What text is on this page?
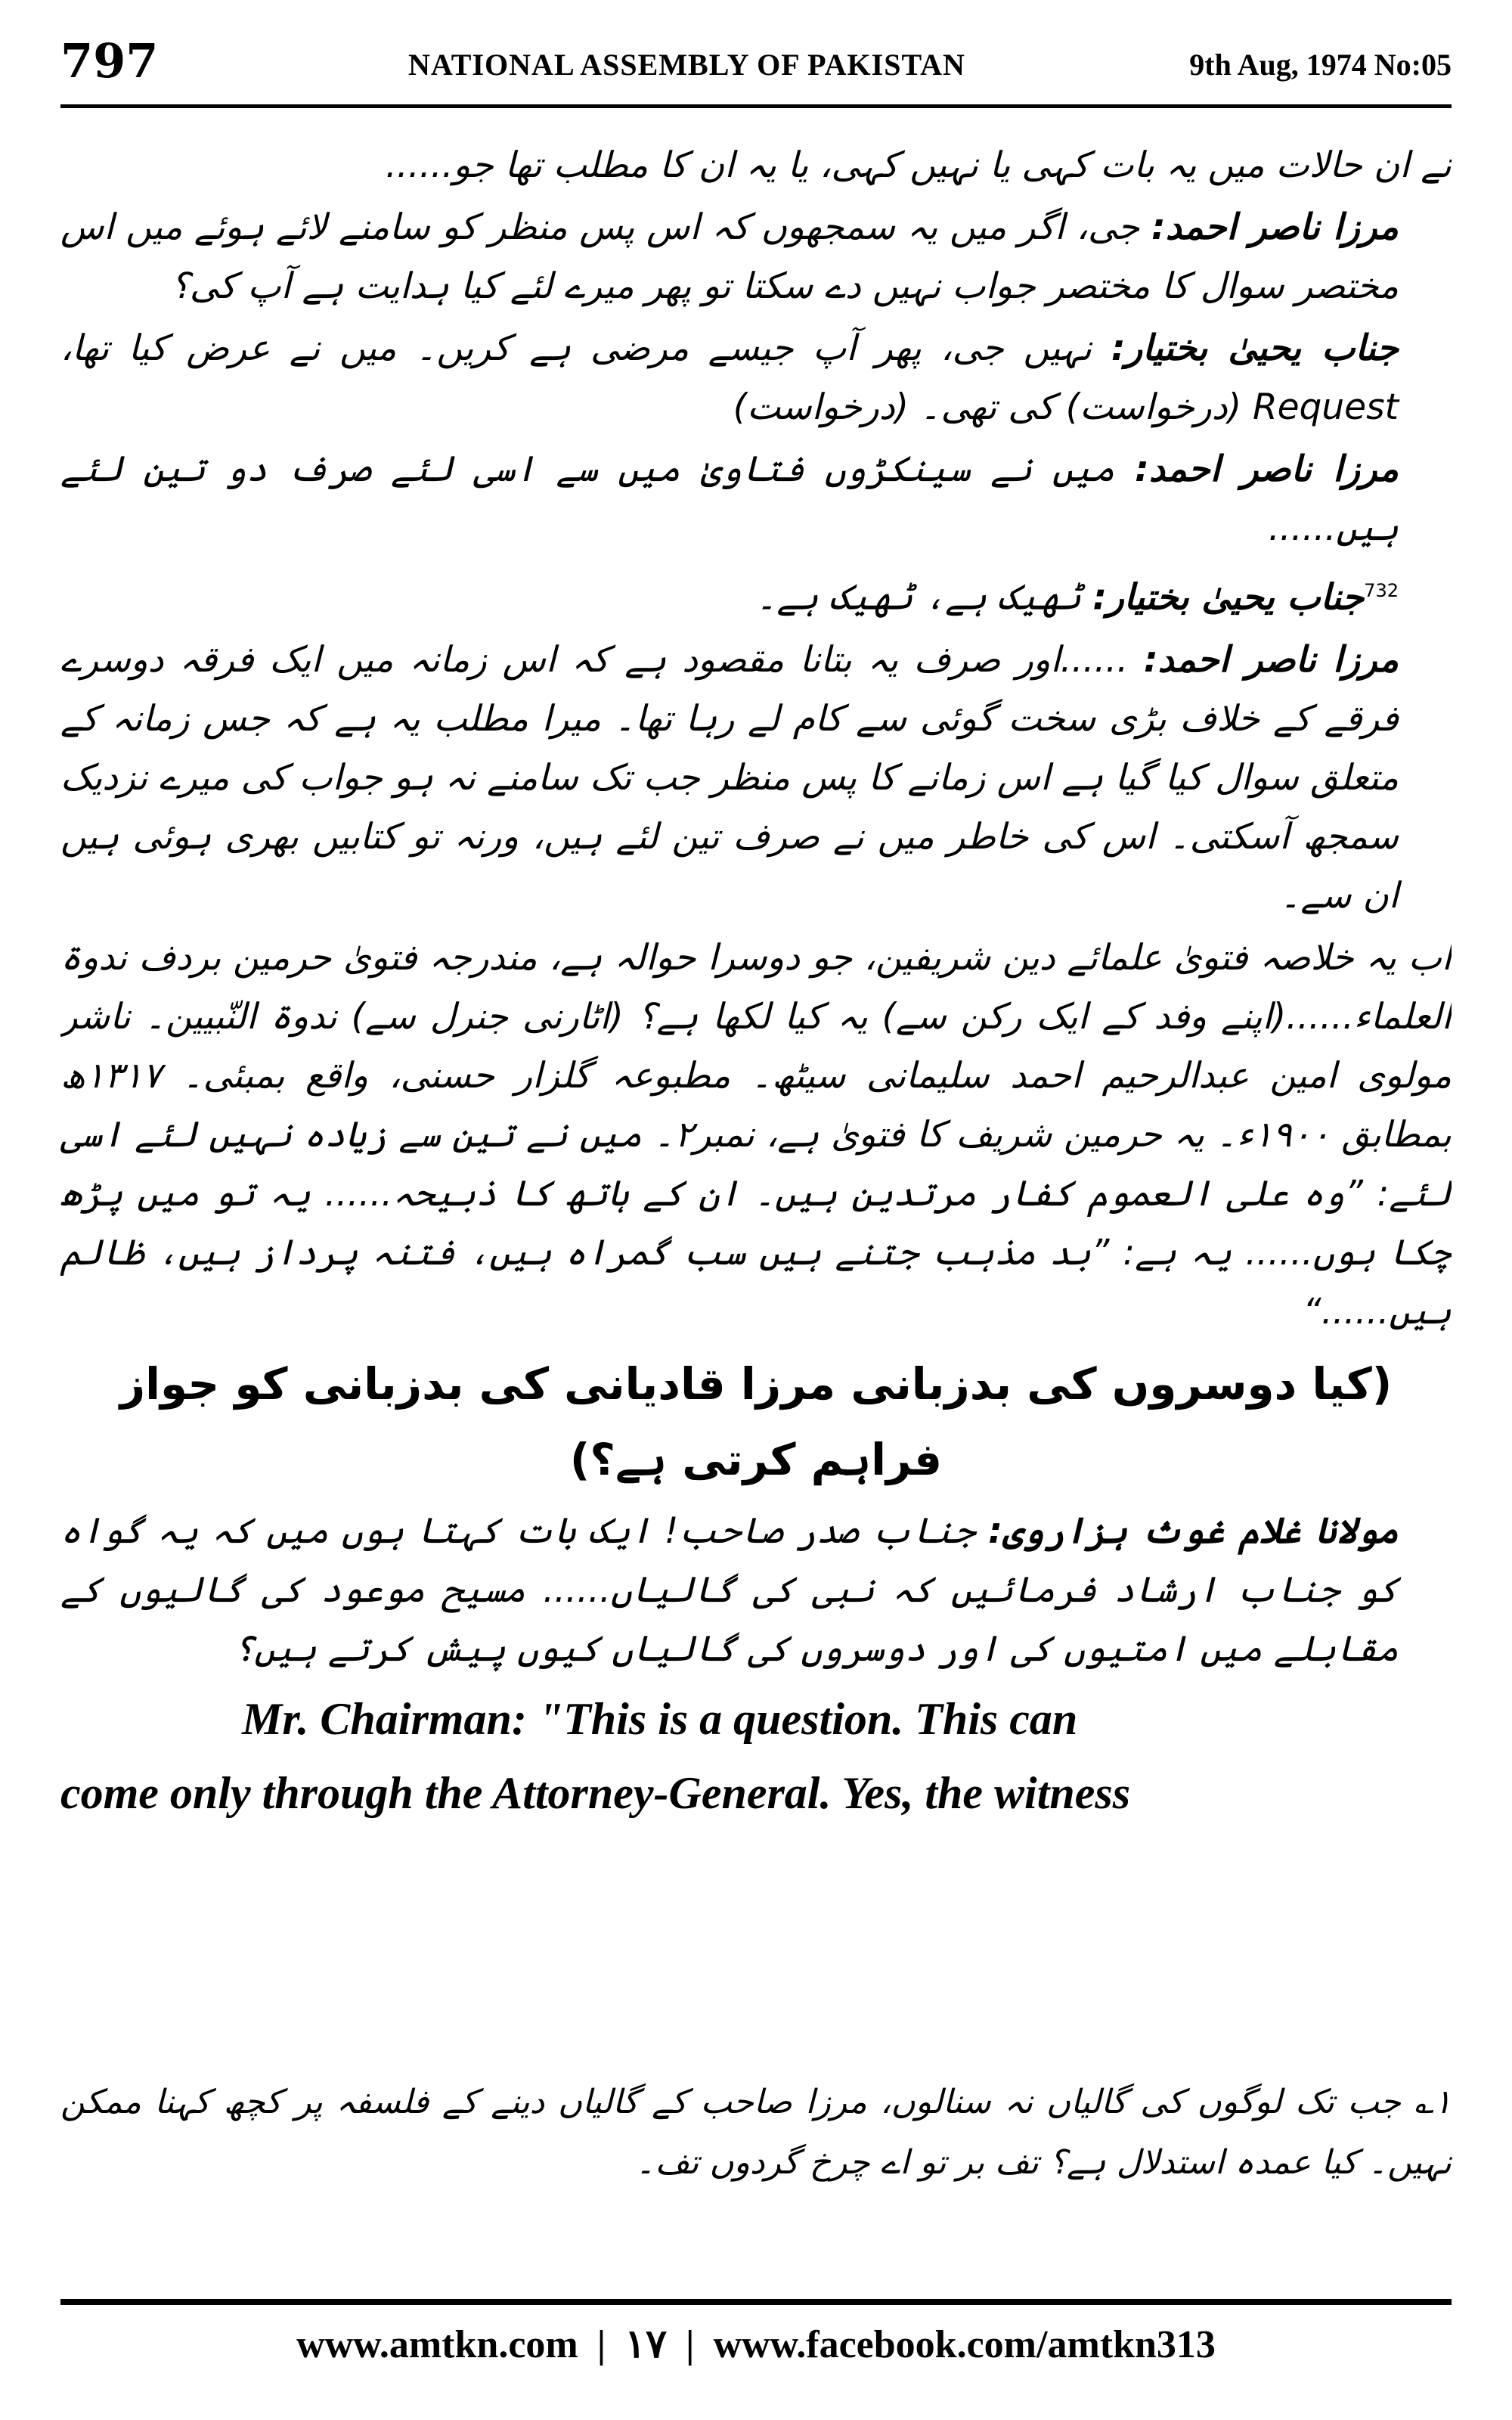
797	NATIONAL ASSEMBLY OF PAKISTAN	9th Aug, 1974 No:05

نے ان حالات میں یہ بات کہی یا نہیں کہی، یا یہ ان کا مطلب تھا جو......

مرزا ناصر احمد: جی، اگر میں یہ سمجھوں کہ اس پس منظر کو سامنے لائے ہوئے میں اس مختصر سوال کا مختصر جواب نہیں دے سکتا تو پھر میرے لئے کیا ہدایت ہے آپ کی؟

جناب یحییٰ بختیار: نہیں جی، پھر آپ جیسے مرضی ہے کریں۔ میں نے عرض کیا تھا، Request (درخواست) کی تھی۔ (درخواست)

مرزا ناصر احمد: میں نے سینکڑوں فتاویٰ میں سے اسی لئے صرف دو تین لئے ہیں......

$^{732}$جناب یحییٰ بختیار: ٹھیک ہے، ٹھیک ہے۔

مرزا ناصر احمد: ......اور صرف یہ بتانا مقصود ہے کہ اس زمانہ میں ایک فرقہ دوسرے فرقے کے خلاف بڑی سخت گوئی سے کام لے رہا تھا۔ میرا مطلب یہ ہے کہ جس زمانہ کے متعلق سوال کیا گیا ہے اس زمانے کا پس منظر جب تک سامنے نہ ہو جواب کی میرے نزدیک سمجھ آسکتی۔ اس کی خاطر میں نے صرف تین لئے ہیں، ورنہ تو کتابیں بھری ہوئی ہیں ان سے۔

اب یہ خلاصہ فتویٰ علمائے دین شریفین، جو دوسرا حوالہ ہے، مندرجہ فتویٰ حرمین بردف ندوۃ العلماء......(اپنے وفد کے ایک رکن سے) یہ کیا لکھا ہے؟ (اٹارنی جنرل سے) ندوۃ النّبیین۔ ناشر مولوی امین عبدالرحیم احمد سلیمانی سیٹھ۔ مطبوعہ گلزار حسنی، واقع بمبئی۔ ۱۳۱۷ھ بمطابق ۱۹۰۰ء۔ یہ حرمین شریف کا فتویٰ ہے، نمبر۲۔ میں نے تین سے زیادہ نہیں لئے اسی لئے: ”وہ علی العموم کفار مرتدین ہیں۔ ان کے ہاتھ کا ذبیحہ...... یہ تو میں پڑھ چکا ہوں...... یہ ہے: ”بد مذہب جتنے ہیں سب گمراہ ہیں، فتنہ پرداز ہیں، ظالم ہیں......“

(کیا دوسروں کی بدزبانی مرزا قادیانی کی بدزبانی کو جواز فراہم کرتی ہے؟)

مولانا غلام غوث ہزاروی: جناب صدر صاحب! ایک بات کہتا ہوں میں کہ یہ گواہ کو جناب ارشاد فرمائیں کہ نبی کی گالیاں...... مسیح موعود کی گالیوں کے مقابلے میں امتیوں کی اور دوسروں کی گالیاں کیوں پیش کرتے ہیں؟

Mr. Chairman: "This is a question. This can

come only through the Attorney-General. Yes, the witness

۱؎ جب تک لوگوں کی گالیاں نہ سنالوں، مرزا صاحب کے گالیاں دینے کے فلسفہ پر کچھ کہنا ممکن نہیں۔ کیا عمدہ استدلال ہے؟ تف بر تو اے چرخ گردوں تف۔
www.amtkn.com | ۱۷ | www.facebook.com/amtkn313
